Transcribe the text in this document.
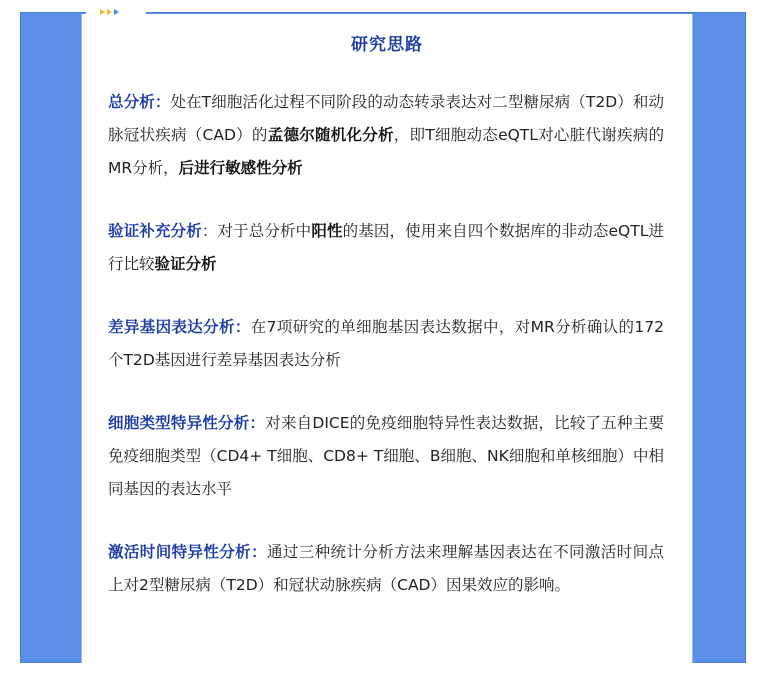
研究思路

总分析：处在T细胞活化过程不同阶段的动态转录表达对二型糖尿病（T2D）和动脉冠状疾病（CAD）的孟德尔随机化分析，即T细胞动态eQTL对心脏代谢疾病的MR分析，后进行敏感性分析

验证补充分析：对于总分析中阳性的基因，使用来自四个数据库的非动态eQTL进行比较验证分析

差异基因表达分析：在7项研究的单细胞基因表达数据中，对MR分析确认的172个T2D基因进行差异基因表达分析

细胞类型特异性分析：对来自DICE的免疫细胞特异性表达数据，比较了五种主要免疫细胞类型（CD4+ T细胞、CD8+ T细胞、B细胞、NK细胞和单核细胞）中相同基因的表达水平

激活时间特异性分析：通过三种统计分析方法来理解基因表达在不同激活时间点上对2型糖尿病（T2D）和冠状动脉疾病（CAD）因果效应的影响。
